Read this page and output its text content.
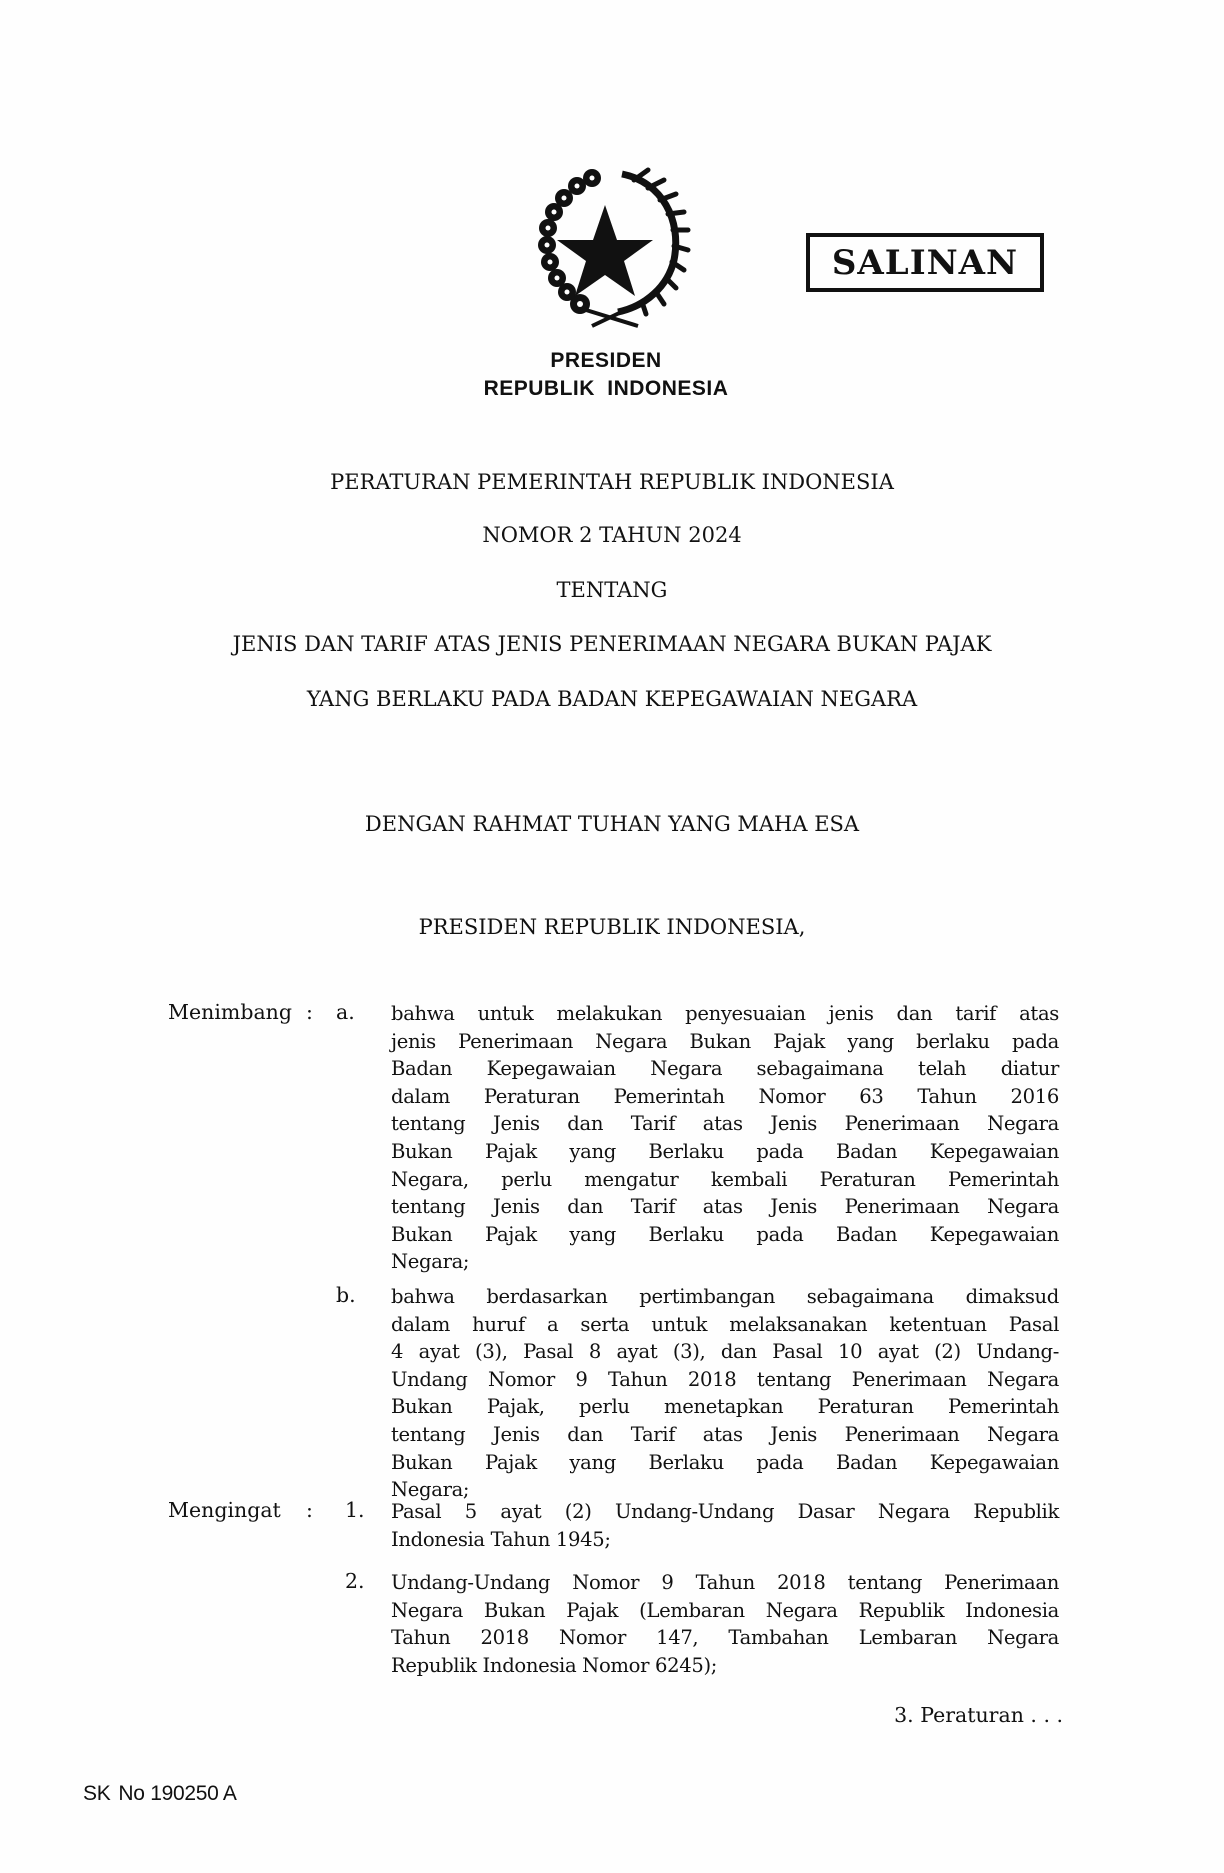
PRESIDEN
REPUBLIK INDONESIA
SALINAN
PERATURAN PEMERINTAH REPUBLIK INDONESIA
NOMOR 2 TAHUN 2024
TENTANG
JENIS DAN TARIF ATAS JENIS PENERIMAAN NEGARA BUKAN PAJAK
YANG BERLAKU PADA BADAN KEPEGAWAIAN NEGARA
DENGAN RAHMAT TUHAN YANG MAHA ESA
PRESIDEN REPUBLIK INDONESIA,
Menimbang : a. bahwa untuk melakukan penyesuaian jenis dan tarif atas
jenis Penerimaan Negara Bukan Pajak yang berlaku pada
Badan Kepegawaian Negara sebagaimana telah diatur
dalam Peraturan Pemerintah Nomor 63 Tahun 2016
tentang Jenis dan Tarif atas Jenis Penerimaan Negara
Bukan Pajak yang Berlaku pada Badan Kepegawaian
Negara, perlu mengatur kembali Peraturan Pemerintah
tentang Jenis dan Tarif atas Jenis Penerimaan Negara
Bukan Pajak yang Berlaku pada Badan Kepegawaian
Negara;
b. bahwa berdasarkan pertimbangan sebagaimana dimaksud
dalam huruf a serta untuk melaksanakan ketentuan Pasal
4 ayat (3), Pasal 8 ayat (3), dan Pasal 10 ayat (2) Undang-
Undang Nomor 9 Tahun 2018 tentang Penerimaan Negara
Bukan Pajak, perlu menetapkan Peraturan Pemerintah
tentang Jenis dan Tarif atas Jenis Penerimaan Negara
Bukan Pajak yang Berlaku pada Badan Kepegawaian
Negara;
Mengingat : 1. Pasal 5 ayat (2) Undang-Undang Dasar Negara Republik
Indonesia Tahun 1945;
2. Undang-Undang Nomor 9 Tahun 2018 tentang Penerimaan
Negara Bukan Pajak (Lembaran Negara Republik Indonesia
Tahun 2018 Nomor 147, Tambahan Lembaran Negara
Republik Indonesia Nomor 6245);
3. Peraturan . . .
SK No 190250 A
